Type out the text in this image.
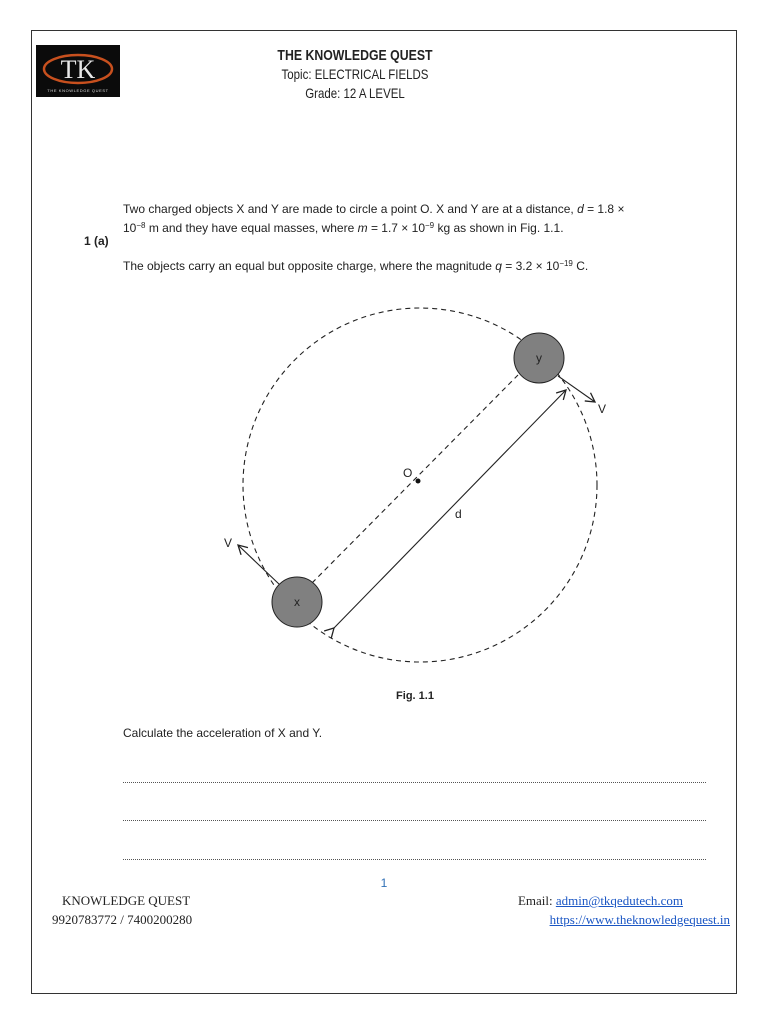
TK
THE KNOWLEDGE QUEST
THE KNOWLEDGE QUEST
Topic: ELECTRICAL FIELDS
Grade: 12 A LEVEL
1 (a)
Two charged objects X and Y are made to circle a point O. X and Y are at a distance, $d = 1.8 \times 10^{-8}$ m and they have equal masses, where $m = 1.7 \times 10^{-9}$ kg as shown in Fig. 1.1.
The objects carry an equal but opposite charge, where the magnitude $q = 3.2 \times 10^{-19}$ C.
x
y
O
d
V
V
Fig. 1.1
Calculate the acceleration of X and Y.
1
KNOWLEDGE QUEST
9920783772 / 7400200280
Email: admin@tkqedutech.com
https://www.theknowledgequest.in
